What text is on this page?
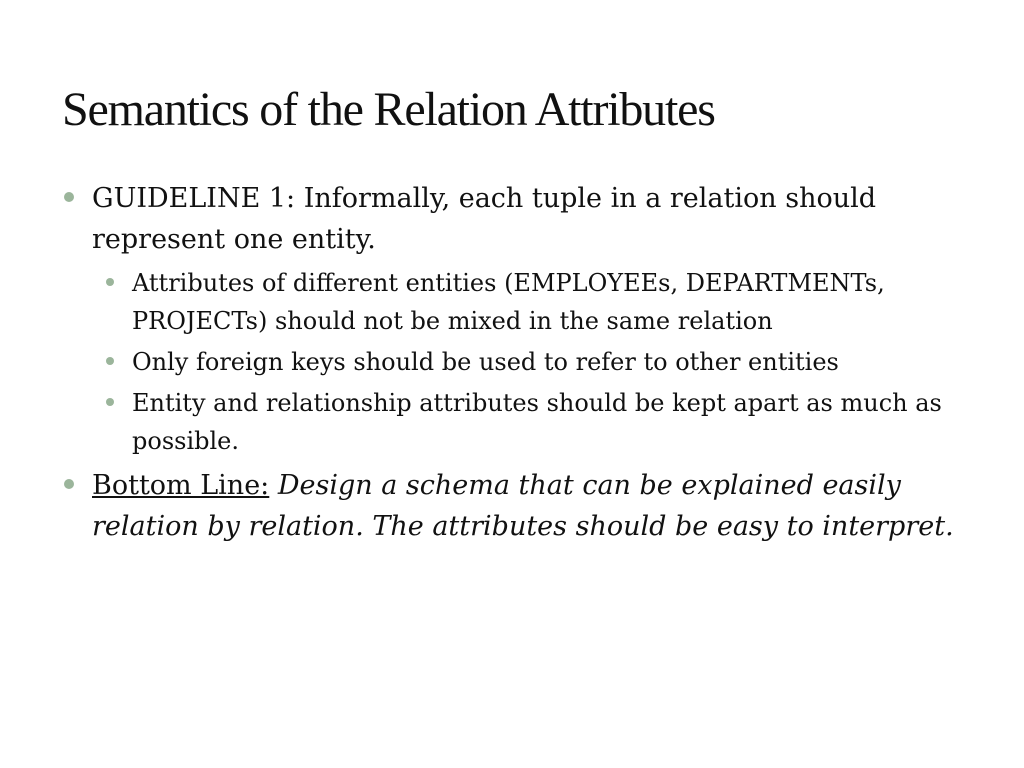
Semantics of the Relation Attributes
GUIDELINE 1: Informally, each tuple in a relation should represent one entity.
Attributes of different entities (EMPLOYEEs, DEPARTMENTs, PROJECTs) should not be mixed in the same relation
Only foreign keys should be used to refer to other entities
Entity and relationship attributes should be kept apart as much as possible.
Bottom Line: Design a schema that can be explained easily relation by relation. The attributes should be easy to interpret.
